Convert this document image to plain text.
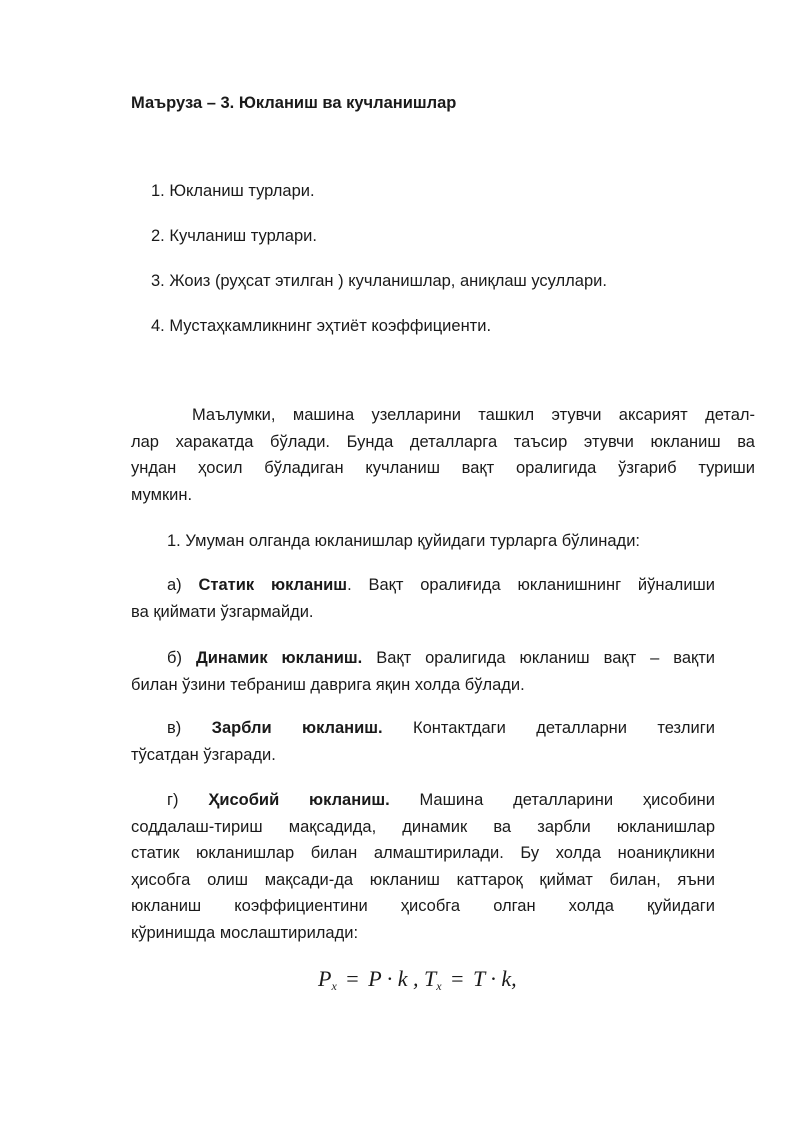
Маъруза – 3. Юкланиш ва кучланишлар
1. Юкланиш турлари.
2. Кучланиш турлари.
3. Жоиз (руҳсат этилган ) кучланишлар, аниқлаш усуллари.
4. Мустаҳкамликнинг эҳтиёт коэффициенти.
Маълумки, машина узелларини ташкил этувчи аксарият детал-
лар харакатда бўлади. Бунда деталларга таъсир этувчи юкланиш ва
ундан ҳосил бўладиган кучланиш вақт оралигида ўзгариб туриши
мумкин.
1. Умуман олганда юкланишлар қуйидаги турларга бўлинади:
а) Статик юкланиш. Вақт оралиғида юкланишнинг йўналиши
ва қиймати ўзгармайди.
б) Динамик юкланиш. Вақт оралигида юкланиш вақт – вақти
билан ўзини тебраниш даврига яқин холда бўлади.
в) Зарбли юкланиш. Контактдаги деталларни тезлиги
тўсатдан ўзгаради.
г) Ҳисобий юкланиш. Машина деталларини ҳисобини
соддалаш-тириш мақсадида, динамик ва зарбли юкланишлар
статик юкланишлар билан алмаштирилади. Бу холда ноаниқликни
ҳисобга олиш мақсади-да юкланиш каттароқ қиймат билан, яъни
юкланиш коэффициентини ҳисобга олган холда қуйидаги
кўринишда мослаштирилади:
$P_x = P \cdot k$ , $T_x = T \cdot k$,
